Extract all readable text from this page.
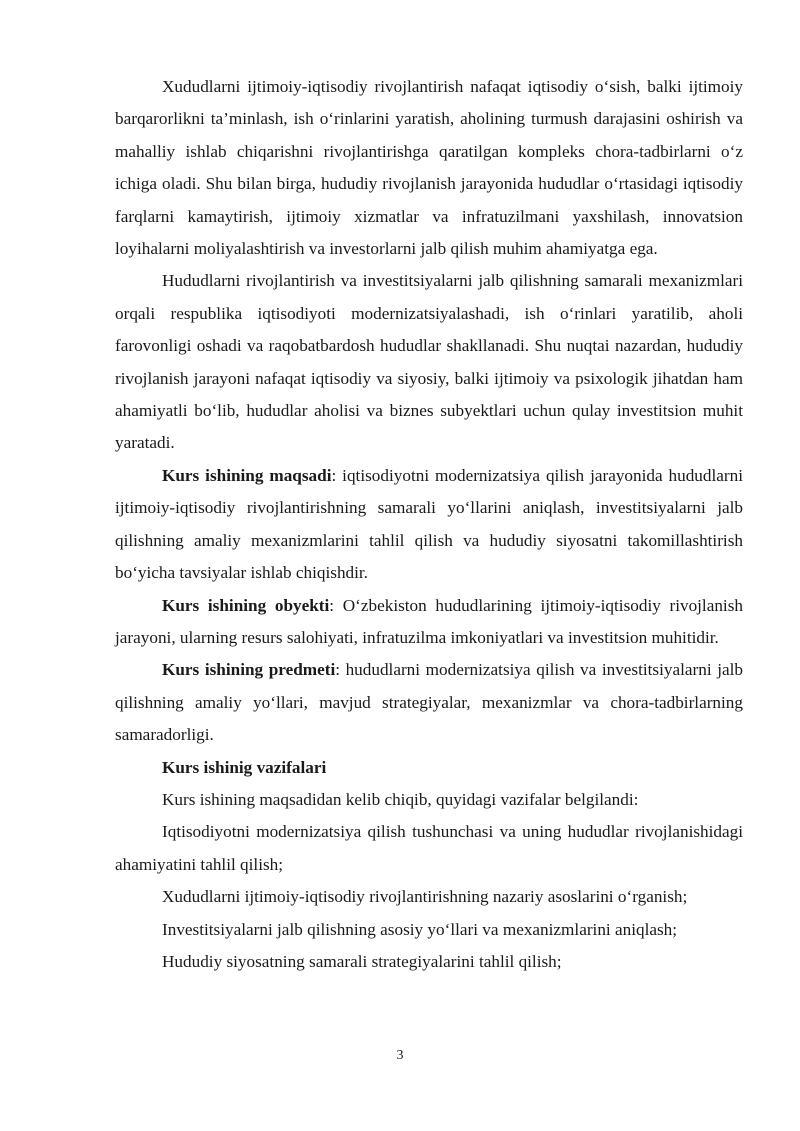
Xududlarni ijtimoiy-iqtisodiy rivojlantirish nafaqat iqtisodiy o‘sish, balki ijtimoiy barqarorlikni ta’minlash, ish o‘rinlarini yaratish, aholining turmush darajasini oshirish va mahalliy ishlab chiqarishni rivojlantirishga qaratilgan kompleks chora-tadbirlarni o‘z ichiga oladi. Shu bilan birga, hududiy rivojlanish jarayonida hududlar o‘rtasidagi iqtisodiy farqlarni kamaytirish, ijtimoiy xizmatlar va infratuzilmani yaxshilash, innovatsion loyihalarni moliyalashtirish va investorlarni jalb qilish muhim ahamiyatga ega.

Hududlarni rivojlantirish va investitsiyalarni jalb qilishning samarali mexanizmlari orqali respublika iqtisodiyoti modernizatsiyalashadi, ish o‘rinlari yaratilib, aholi farovonligi oshadi va raqobatbardosh hududlar shakllanadi. Shu nuqtai nazardan, hududiy rivojlanish jarayoni nafaqat iqtisodiy va siyosiy, balki ijtimoiy va psixologik jihatdan ham ahamiyatli bo‘lib, hududlar aholisi va biznes subyektlari uchun qulay investitsion muhit yaratadi.

Kurs ishining maqsadi: iqtisodiyotni modernizatsiya qilish jarayonida hududlarni ijtimoiy-iqtisodiy rivojlantirishning samarali yo‘llarini aniqlash, investitsiyalarni jalb qilishning amaliy mexanizmlarini tahlil qilish va hududiy siyosatni takomillashtirish bo‘yicha tavsiyalar ishlab chiqishdir.

Kurs ishining obyekti: O‘zbekiston hududlarining ijtimoiy-iqtisodiy rivojlanish jarayoni, ularning resurs salohiyati, infratuzilma imkoniyatlari va investitsion muhitidir.

Kurs ishining predmeti: hududlarni modernizatsiya qilish va investitsiyalarni jalb qilishning amaliy yo‘llari, mavjud strategiyalar, mexanizmlar va chora-tadbirlarning samaradorligi.

Kurs ishinig vazifalari

Kurs ishining maqsadidan kelib chiqib, quyidagi vazifalar belgilandi:

Iqtisodiyotni modernizatsiya qilish tushunchasi va uning hududlar rivojlanishidagi ahamiyatini tahlil qilish;

Xududlarni ijtimoiy-iqtisodiy rivojlantirishning nazariy asoslarini o‘rganish;

Investitsiyalarni jalb qilishning asosiy yo‘llari va mexanizmlarini aniqlash;

Hududiy siyosatning samarali strategiyalarini tahlil qilish;

3
